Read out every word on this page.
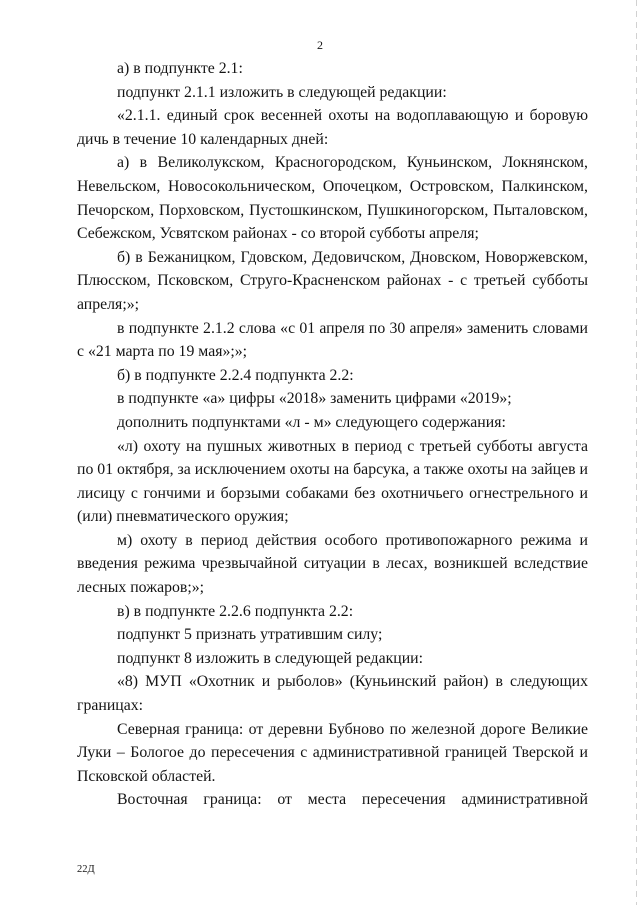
2

а) в подпункте 2.1:

подпункт 2.1.1 изложить в следующей редакции:

«2.1.1. единый срок весенней охоты на водоплавающую и боровую дичь в течение 10 календарных дней:

а) в Великолукском, Красногородском, Куньинском, Локнянском, Невельском, Новосокольническом, Опочецком, Островском, Палкинском, Печорском, Порховском, Пустошкинском, Пушкиногорском, Пыталовском, Себежском, Усвятском районах - со второй субботы апреля;

б) в Бежаницком, Гдовском, Дедовичском, Дновском, Новоржевском, Плюсском, Псковском, Струго-Красненском районах - с третьей субботы апреля;»;

в подпункте 2.1.2 слова «с 01 апреля по 30 апреля» заменить словами с «21 марта по 19 мая»;»;

б) в подпункте 2.2.4 подпункта 2.2:

в подпункте «а» цифры «2018» заменить цифрами «2019»;

дополнить подпунктами «л - м» следующего содержания:

«л) охоту на пушных животных в период с третьей субботы августа по 01 октября, за исключением охоты на барсука, а также охоты на зайцев и лисицу с гончими и борзыми собаками без охотничьего огнестрельного и (или) пневматического оружия;

м) охоту в период действия особого противопожарного режима и введения режима чрезвычайной ситуации в лесах, возникшей вследствие лесных пожаров;»;

в) в подпункте 2.2.6 подпункта 2.2:

подпункт 5 признать утратившим силу;

подпункт 8 изложить в следующей редакции:

«8) МУП «Охотник и рыболов» (Куньинский район) в следующих границах:

Северная граница: от деревни Бубново по железной дороге Великие Луки – Бологое до пересечения с административной границей Тверской и Псковской областей.

Восточная граница: от места пересечения административной

22Д
